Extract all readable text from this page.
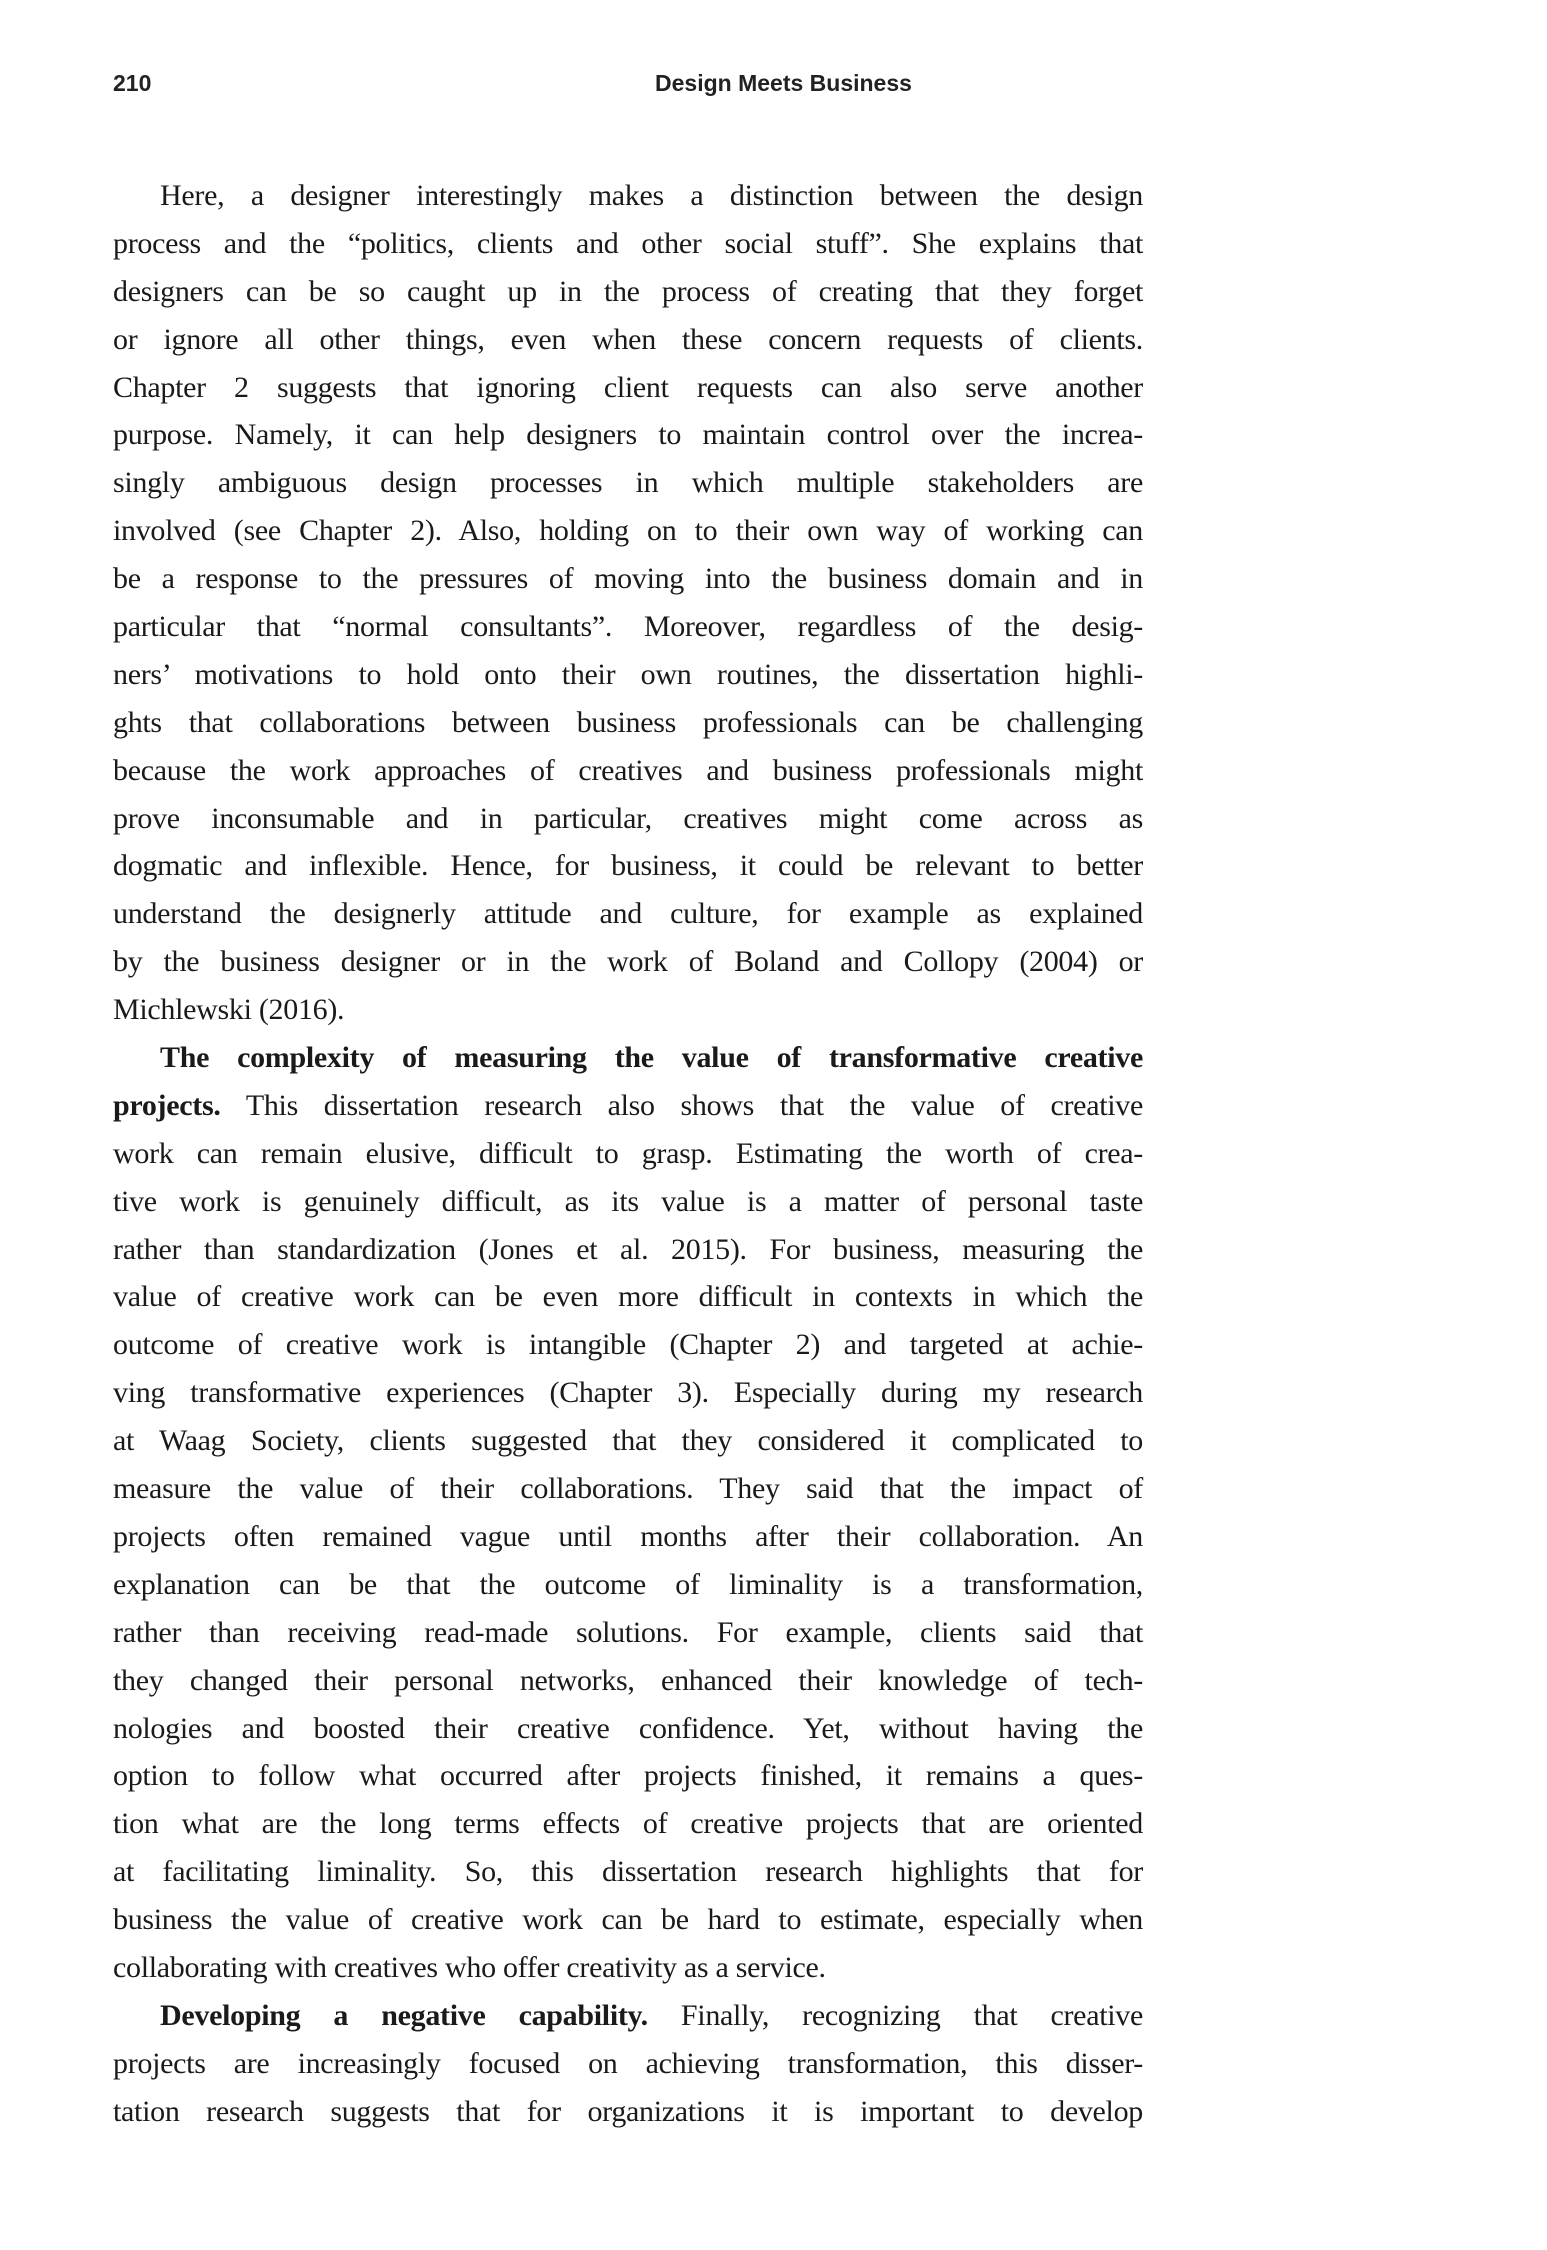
210	Design Meets Business
Here, a designer interestingly makes a distinction between the design
process and the “politics, clients and other social stuff”. She explains that
designers can be so caught up in the process of creating that they forget
or ignore all other things, even when these concern requests of clients.
Chapter 2 suggests that ignoring client requests can also serve another
purpose. Namely, it can help designers to maintain control over the increa-
singly ambiguous design processes in which multiple stakeholders are
involved (see Chapter 2). Also, holding on to their own way of working can
be a response to the pressures of moving into the business domain and in
particular that “normal consultants”. Moreover, regardless of the desig-
ners’ motivations to hold onto their own routines, the dissertation highli-
ghts that collaborations between business professionals can be challenging
because the work approaches of creatives and business professionals might
prove inconsumable and in particular, creatives might come across as
dogmatic and inflexible. Hence, for business, it could be relevant to better
understand the designerly attitude and culture, for example as explained
by the business designer or in the work of Boland and Collopy (2004) or
Michlewski (2016).
The complexity of measuring the value of transformative creative
projects. This dissertation research also shows that the value of creative
work can remain elusive, difficult to grasp. Estimating the worth of crea-
tive work is genuinely difficult, as its value is a matter of personal taste
rather than standardization (Jones et al. 2015). For business, measuring the
value of creative work can be even more difficult in contexts in which the
outcome of creative work is intangible (Chapter 2) and targeted at achie-
ving transformative experiences (Chapter 3). Especially during my research
at Waag Society, clients suggested that they considered it complicated to
measure the value of their collaborations. They said that the impact of
projects often remained vague until months after their collaboration. An
explanation can be that the outcome of liminality is a transformation,
rather than receiving read-made solutions. For example, clients said that
they changed their personal networks, enhanced their knowledge of tech-
nologies and boosted their creative confidence. Yet, without having the
option to follow what occurred after projects finished, it remains a ques-
tion what are the long terms effects of creative projects that are oriented
at facilitating liminality. So, this dissertation research highlights that for
business the value of creative work can be hard to estimate, especially when
collaborating with creatives who offer creativity as a service.
Developing a negative capability. Finally, recognizing that creative
projects are increasingly focused on achieving transformation, this disser-
tation research suggests that for organizations it is important to develop
